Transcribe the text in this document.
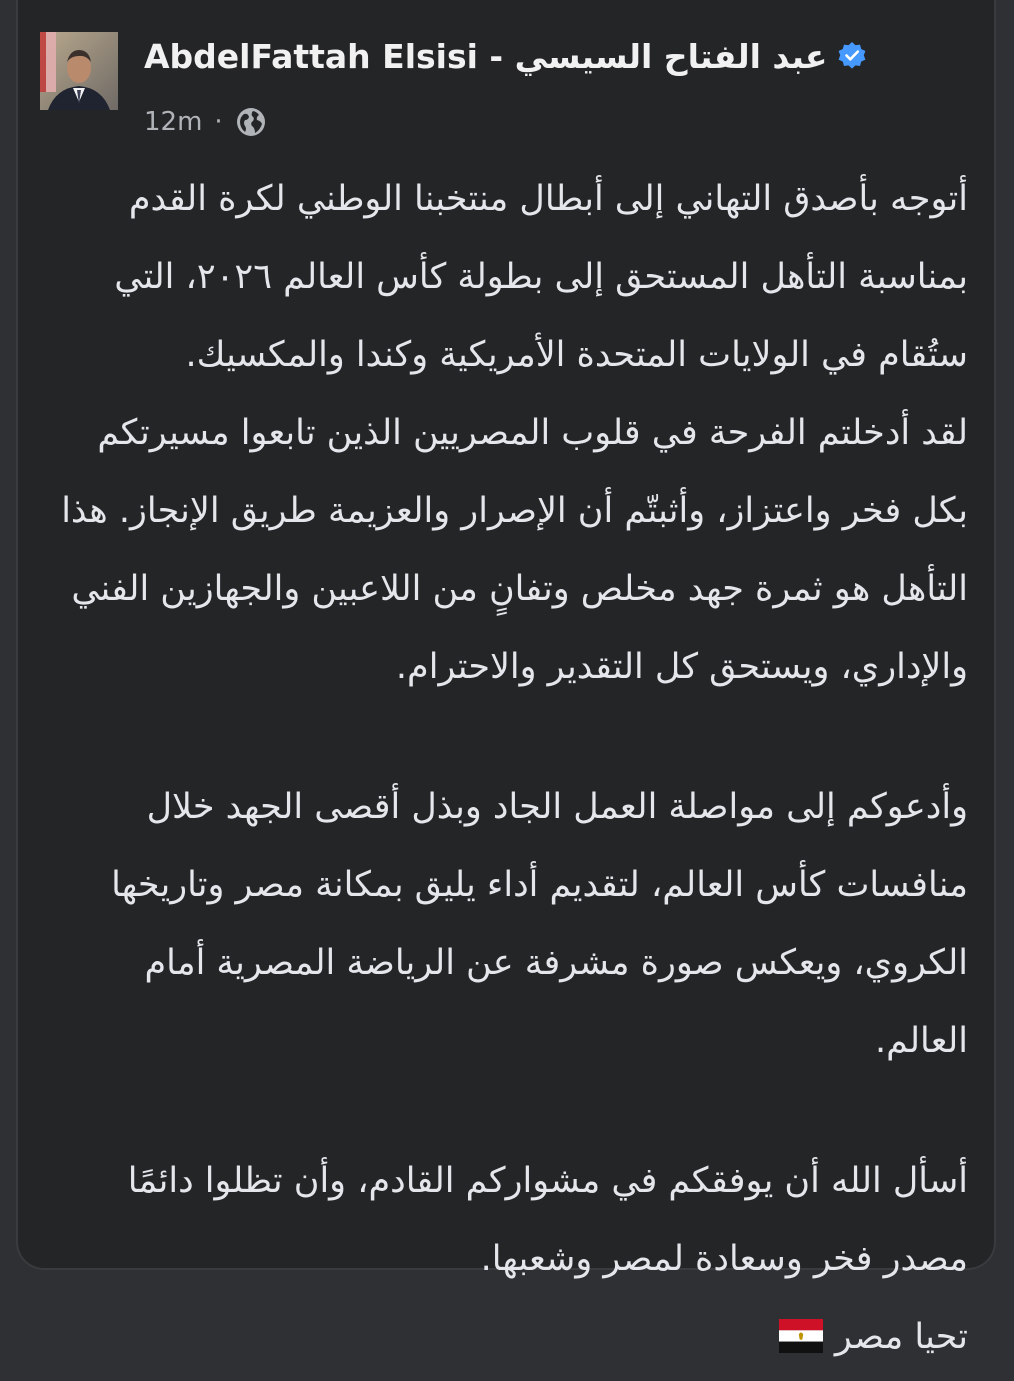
AbdelFattah Elsisi - عبد الفتاح السيسي
12m ·

أتوجه بأصدق التهاني إلى أبطال منتخبنا الوطني لكرة القدم بمناسبة التأهل المستحق إلى بطولة كأس العالم ٢٠٢٦، التي ستُقام في الولايات المتحدة الأمريكية وكندا والمكسيك.

لقد أدخلتم الفرحة في قلوب المصريين الذين تابعوا مسيرتكم بكل فخر واعتزاز، وأثبتّم أن الإصرار والعزيمة طريق الإنجاز. هذا التأهل هو ثمرة جهد مخلص وتفانٍ من اللاعبين والجهازين الفني والإداري، ويستحق كل التقدير والاحترام.

وأدعوكم إلى مواصلة العمل الجاد وبذل أقصى الجهد خلال منافسات كأس العالم، لتقديم أداء يليق بمكانة مصر وتاريخها الكروي، ويعكس صورة مشرفة عن الرياضة المصرية أمام العالم.

أسأل الله أن يوفقكم في مشواركم القادم، وأن تظلوا دائمًا مصدر فخر وسعادة لمصر وشعبها.

تحيا مصر
